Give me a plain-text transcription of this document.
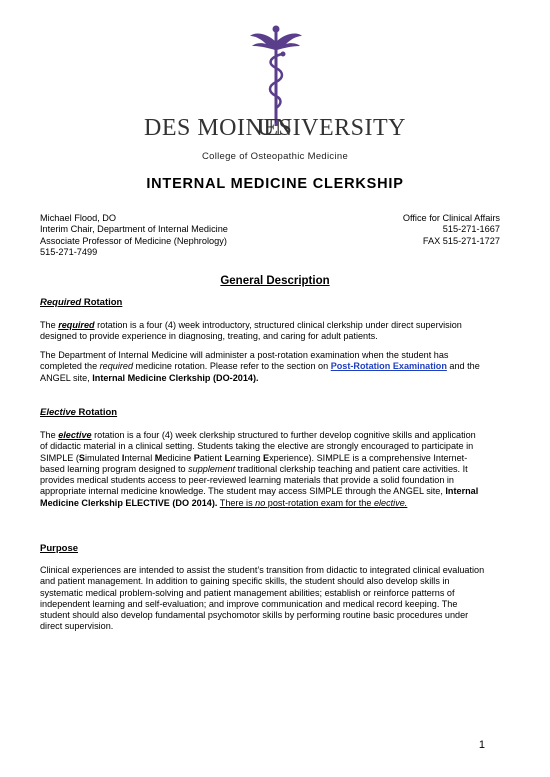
DES MOINES
UNIVERSITY
College of Osteopathic Medicine
INTERNAL MEDICINE CLERKSHIP
Michael Flood, DO	Office for Clinical Affairs
Interim Chair, Department of Internal Medicine	515-271-1667
Associate Professor of Medicine (Nephrology)	FAX 515-271-1727
515-271-7499
General Description
Required Rotation
The required rotation is a four (4) week introductory, structured clinical clerkship under direct supervision designed to provide experience in diagnosing, treating, and caring for adult patients.
The Department of Internal Medicine will administer a post-rotation examination when the student has completed the required medicine rotation. Please refer to the section on Post-Rotation Examination and the ANGEL site, Internal Medicine Clerkship (DO-2014).
Elective Rotation
The elective rotation is a four (4) week clerkship structured to further develop cognitive skills and application of didactic material in a clinical setting. Students taking the elective are strongly encouraged to participate in SIMPLE (Simulated Internal Medicine Patient Learning Experience). SIMPLE is a comprehensive Internet-based learning program designed to supplement traditional clerkship teaching and patient care activities. It provides medical students access to peer-reviewed learning materials that provide a solid foundation in appropriate internal medicine knowledge. The student may access SIMPLE through the ANGEL site, Internal Medicine Clerkship ELECTIVE (DO 2014). There is no post-rotation exam for the elective.
Purpose
Clinical experiences are intended to assist the student’s transition from didactic to integrated clinical evaluation and patient management. In addition to gaining specific skills, the student should also develop skills in systematic medical problem-solving and patient management abilities; establish or reinforce patterns of independent learning and self-evaluation; and improve communication and medical record keeping. The student should also develop fundamental psychomotor skills by performing routine basic procedures under direct supervision.
1
